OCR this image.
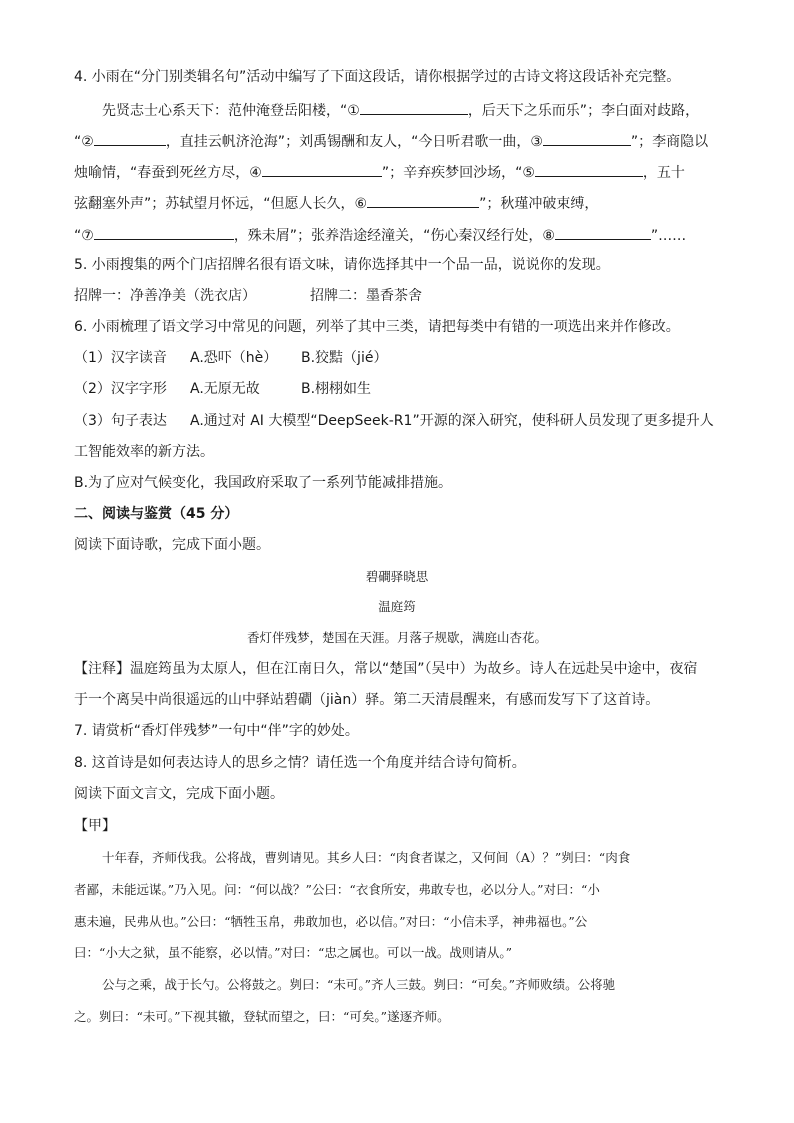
4. 小雨在“分门别类辑名句”活动中编写了下面这段话，请你根据学过的古诗文将这段话补充完整。
先贤志士心系天下：范仲淹登岳阳楼，“①	，后天下之乐而乐”；李白面对歧路，
“②	，直挂云帆济沧海”；刘禹锡酬和友人，“今日听君歌一曲，③	”；李商隐以
烛喻情，“春蚕到死丝方尽，④	”；辛弃疾梦回沙场，“⑤	，五十
弦翻塞外声”；苏轼望月怀远，“但愿人长久，⑥	”；秋瑾冲破束缚，
“⑦	，殊未屑”；张养浩途经潼关，“伤心秦汉经行处，⑧	”……
5. 小雨搜集的两个门店招牌名很有语文味，请你选择其中一个品一品，说说你的发现。
招牌一：净善净美（洗衣店）	招牌二：墨香茶舍
6. 小雨梳理了语文学习中常见的问题，列举了其中三类，请把每类中有错的一项选出来并作修改。
（1）汉字读音 A.恐吓（hè） B.狡黠（jié）
（2）汉字字形 A.无原无故	B.栩栩如生
（3）句子表达 A.通过对 AI 大模型“DeepSeek-R1”开源的深入研究，使科研人员发现了更多提升人
工智能效率的新方法。
B.为了应对气候变化，我国政府采取了一系列节能减排措施。
二、阅读与鉴赏（45 分）
阅读下面诗歌，完成下面小题。
碧磵驿晓思
温庭筠
香灯伴残梦，楚国在天涯。月落子规歇，满庭山杏花。
【注释】温庭筠虽为太原人，但在江南日久，常以“楚国”（吴中）为故乡。诗人在远赴吴中途中，夜宿
于一个离吴中尚很遥远的山中驿站碧磵（jiàn）驿。第二天清晨醒来，有感而发写下了这首诗。
7. 请赏析“香灯伴残梦”一句中“伴”字的妙处。
8. 这首诗是如何表达诗人的思乡之情？请任选一个角度并结合诗句简析。
阅读下面文言文，完成下面小题。
【甲】
十年春，齐师伐我。公将战，曹刿请见。其乡人曰：“肉食者谋之，又何间（A）？”刿曰：“肉食
者鄙，未能远谋。”乃入见。问：“何以战？”公曰：“衣食所安，弗敢专也，必以分人。”对曰：“小
惠未遍，民弗从也。”公曰：“牺牲玉帛，弗敢加也，必以信。”对曰：“小信未孚，神弗福也。”公
曰：“小大之狱，虽不能察，必以情。”对曰：“忠之属也。可以一战。战则请从。”
公与之乘，战于长勺。公将鼓之。刿曰：“未可。”齐人三鼓。刿曰：“可矣。”齐师败绩。公将驰
之。刿曰：“未可。”下视其辙，登轼而望之，曰：“可矣。”遂逐齐师。
